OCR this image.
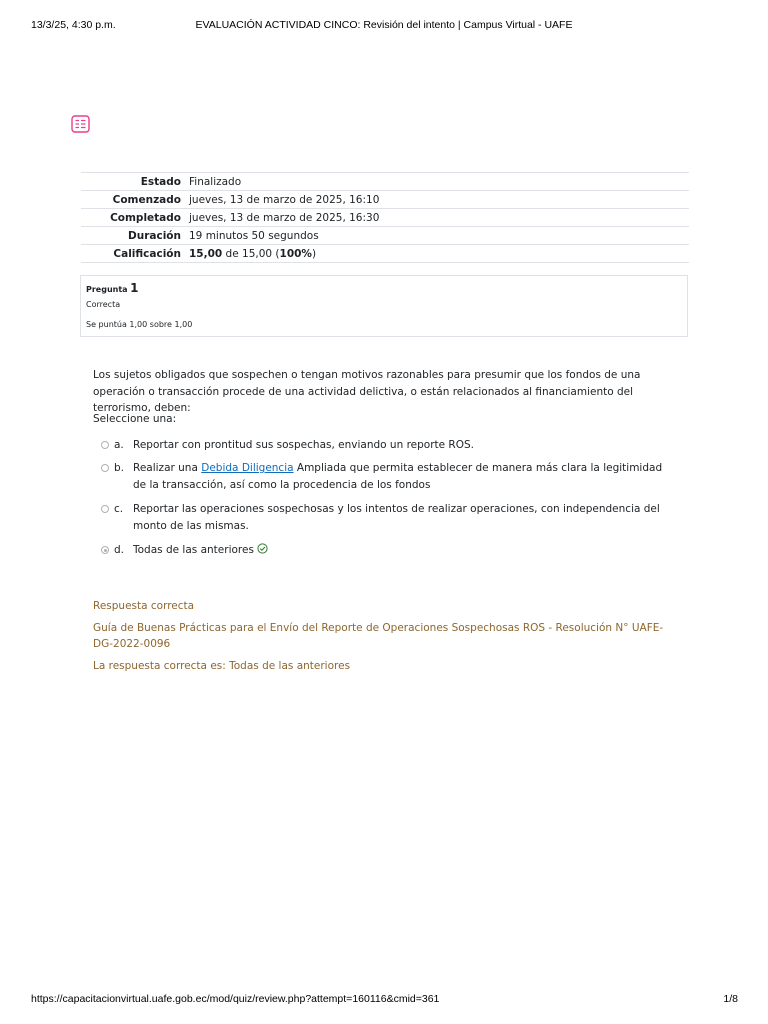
13/3/25, 4:30 p.m.	EVALUACIÓN ACTIVIDAD CINCO: Revisión del intento | Campus Virtual - UAFE
Estado	Finalizado
Comenzado	jueves, 13 de marzo de 2025, 16:10
Completado	jueves, 13 de marzo de 2025, 16:30
Duración	19 minutos 50 segundos
Calificación	15,00 de 15,00 (100%)
Pregunta 1
Correcta
Se puntúa 1,00 sobre 1,00
Los sujetos obligados que sospechen o tengan motivos razonables para presumir que los fondos de una operación o transacción procede de una actividad delictiva, o están relacionados al financiamiento del terrorismo, deben:
Seleccione una:
a. Reportar con prontitud sus sospechas, enviando un reporte ROS.
b. Realizar una Debida Diligencia Ampliada que permita establecer de manera más clara la legitimidad de la transacción, así como la procedencia de los fondos
c. Reportar las operaciones sospechosas y los intentos de realizar operaciones, con independencia del monto de las mismas.
d. Todas de las anteriores
Respuesta correcta
Guía de Buenas Prácticas para el Envío del Reporte de Operaciones Sospechosas ROS - Resolución N° UAFE-DG-2022-0096
La respuesta correcta es: Todas de las anteriores
https://capacitacionvirtual.uafe.gob.ec/mod/quiz/review.php?attempt=160116&cmid=361	1/8
